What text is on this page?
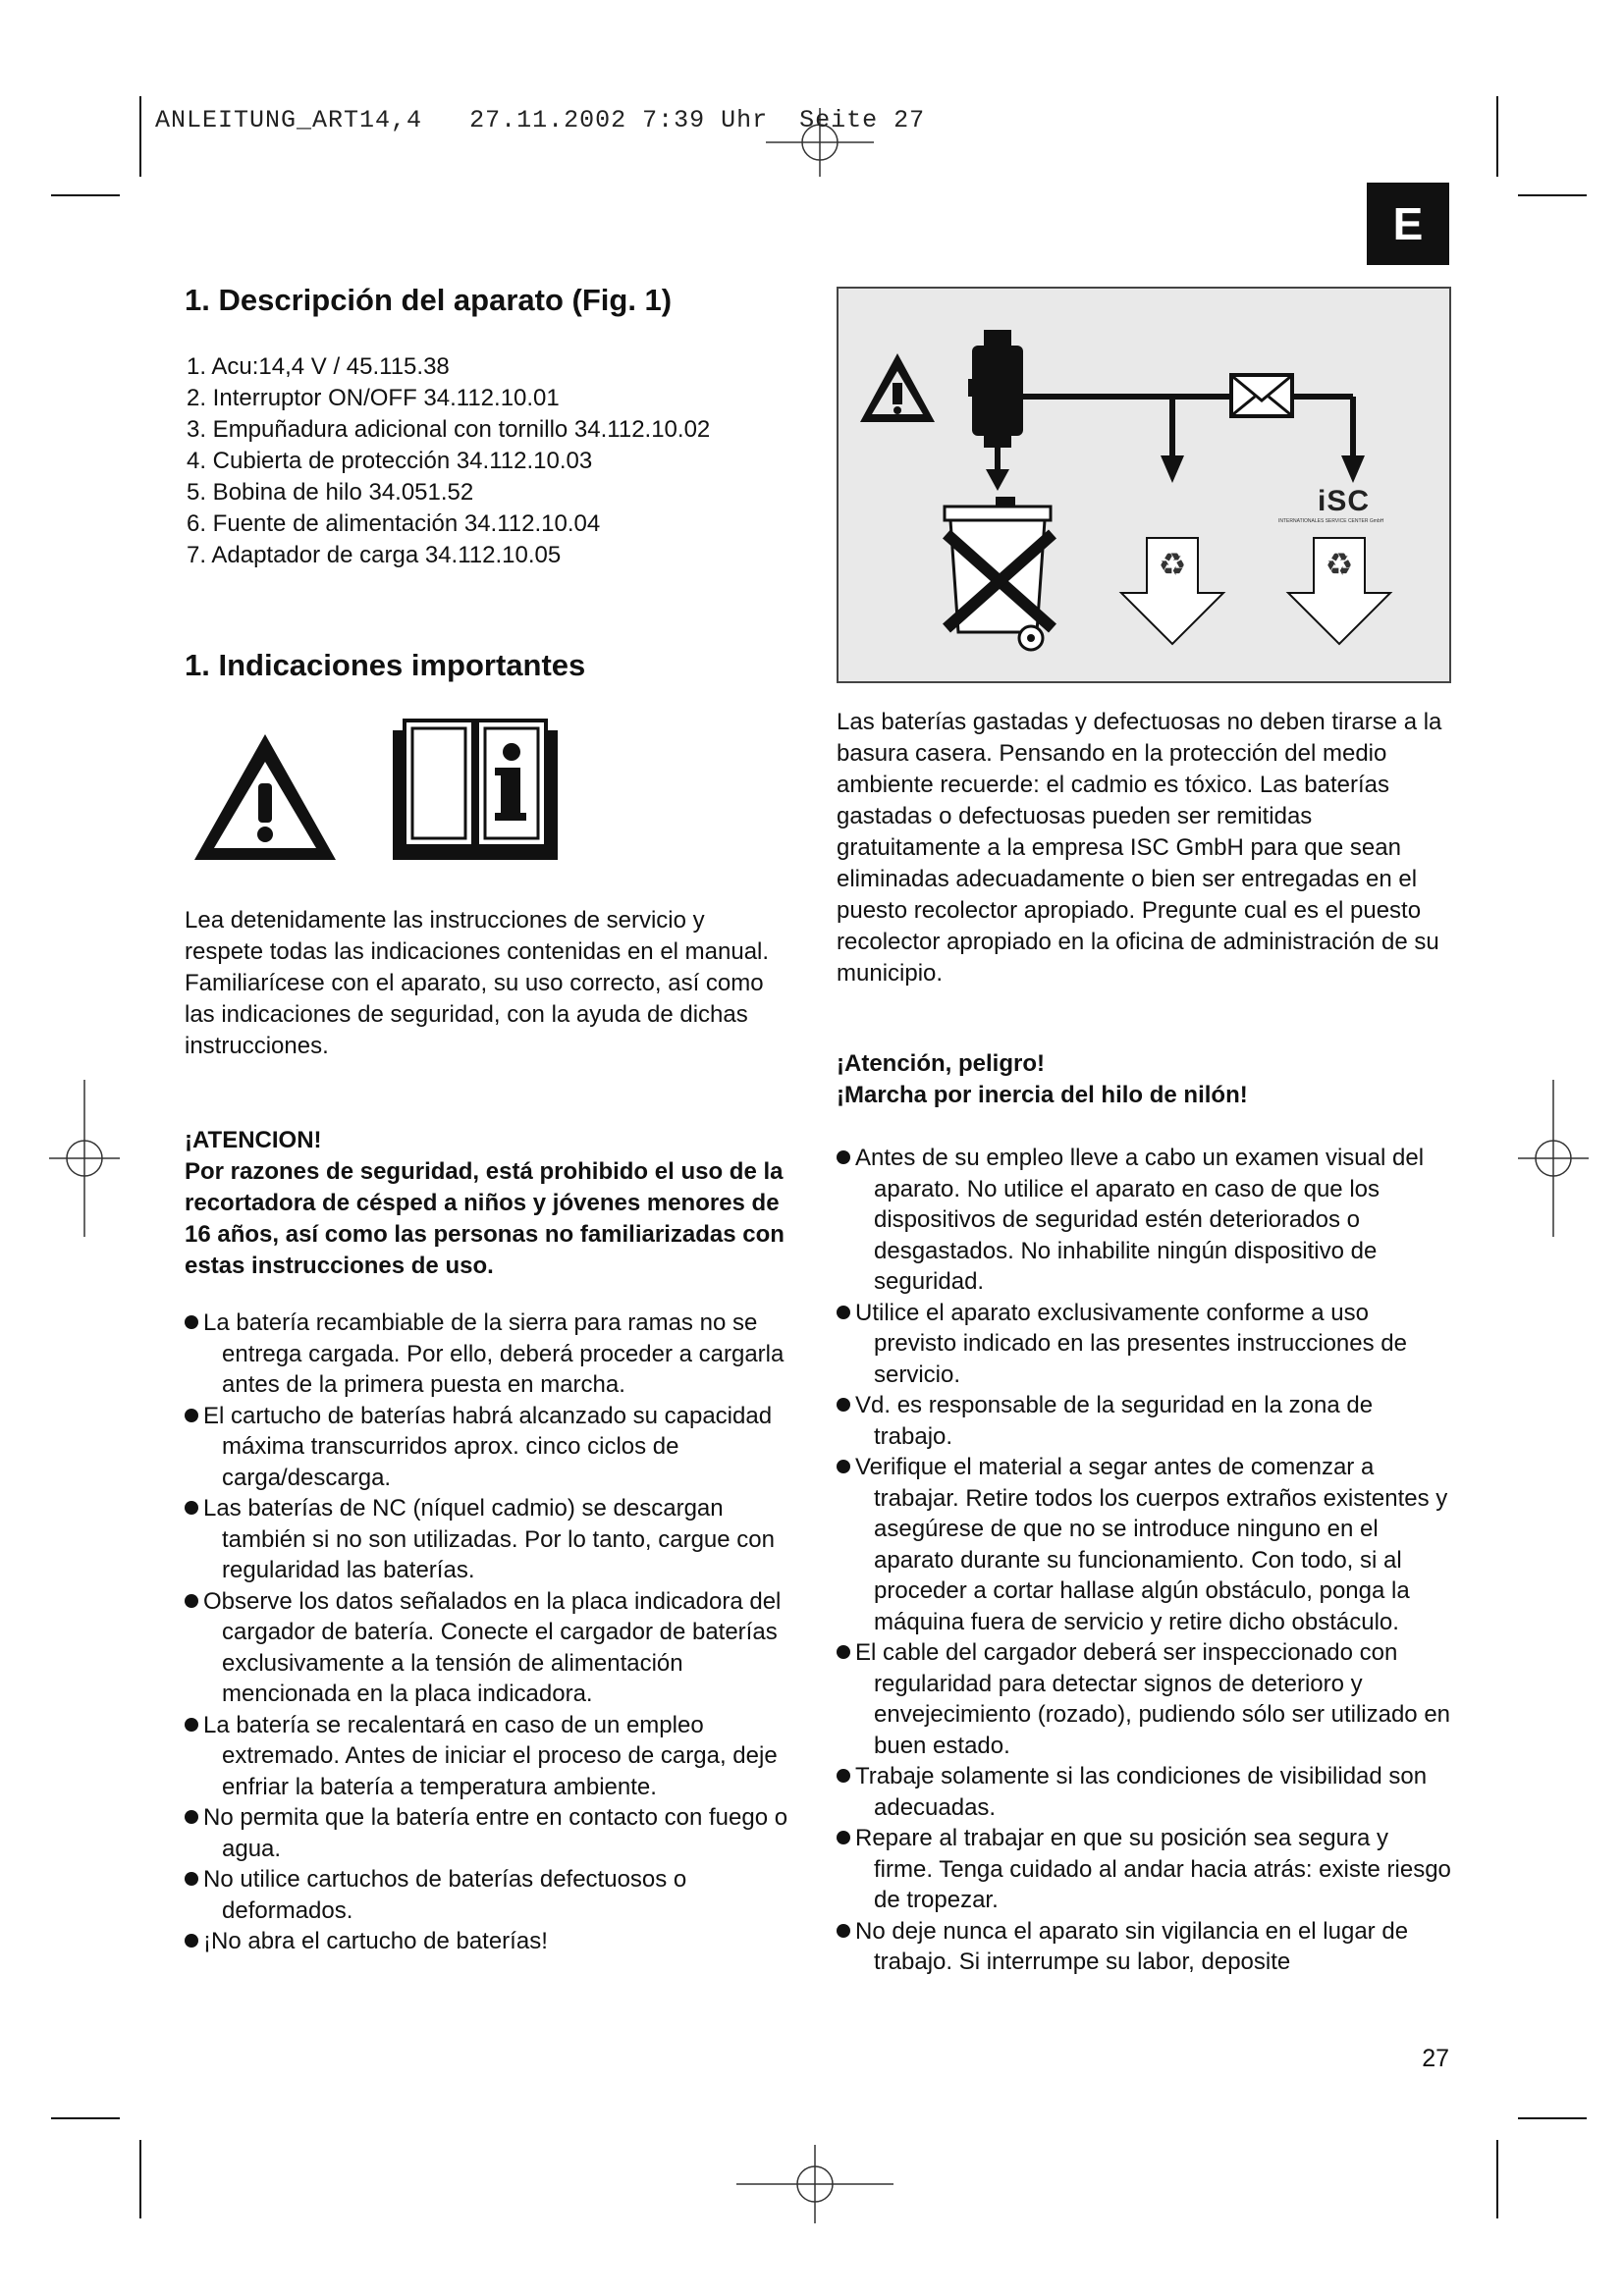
ANLEITUNG_ART14,4 27.11.2002 7:39 Uhr Seite 27
E
1. Descripción del aparato (Fig. 1)
1. Acu:14,4 V / 45.115.38
2. Interruptor ON/OFF 34.112.10.01
3. Empuñadura adicional con tornillo 34.112.10.02
4. Cubierta de protección 34.112.10.03
5. Bobina de hilo 34.051.52
6. Fuente de alimentación 34.112.10.04
7. Adaptador de carga 34.112.10.05
1. Indicaciones importantes
Lea detenidamente las instrucciones de servicio y respete todas las indicaciones contenidas en el manual. Familiarícese con el aparato, su uso correcto, así como las indicaciones de seguridad, con la ayuda de dichas instrucciones.
¡ATENCION!
Por razones de seguridad, está prohibido el uso de la recortadora de césped a niños y jóvenes menores de 16 años, así como las personas no familiarizadas con estas instrucciones de uso.
La batería recambiable de la sierra para ramas no se entrega cargada. Por ello, deberá proceder a cargarla antes de la primera puesta en marcha.
El cartucho de baterías habrá alcanzado su capacidad máxima transcurridos aprox. cinco ciclos de carga/descarga.
Las baterías de NC (níquel cadmio) se descargan también si no son utilizadas. Por lo tanto, cargue con regularidad las baterías.
Observe los datos señalados en la placa indicadora del cargador de batería. Conecte el cargador de baterías exclusivamente a la tensión de alimentación mencionada en la placa indicadora.
La batería se recalentará en caso de un empleo extremado. Antes de iniciar el proceso de carga, deje enfriar la batería a temperatura ambiente.
No permita que la batería entre en contacto con fuego o agua.
No utilice cartuchos de baterías defectuosos o deformados.
¡No abra el cartucho de baterías!
♻	♻
iSC
INTERNATIONALES SERVICE CENTER GmbH
Las baterías gastadas y defectuosas no deben tirarse a la basura casera. Pensando en la protección del medio ambiente recuerde: el cadmio es tóxico. Las baterías gastadas o defectuosas pueden ser remitidas gratuitamente a la empresa ISC GmbH para que sean eliminadas adecuadamente o bien ser entregadas en el puesto recolector apropiado. Pregunte cual es el puesto recolector apropiado en la oficina de administración de su municipio.
¡Atención, peligro!
¡Marcha por inercia del hilo de nilón!
Antes de su empleo lleve a cabo un examen visual del aparato. No utilice el aparato en caso de que los dispositivos de seguridad estén deteriorados o desgastados. No inhabilite ningún dispositivo de seguridad.
Utilice el aparato exclusivamente conforme a uso previsto indicado en las presentes instrucciones de servicio.
Vd. es responsable de la seguridad en la zona de trabajo.
Verifique el material a segar antes de comenzar a trabajar. Retire todos los cuerpos extraños existentes y asegúrese de que no se introduce ninguno en el aparato durante su funcionamiento. Con todo, si al proceder a cortar hallase algún obstáculo, ponga la máquina fuera de servicio y retire dicho obstáculo.
El cable del cargador deberá ser inspeccionado con regularidad para detectar signos de deterioro y envejecimiento (rozado), pudiendo sólo ser utilizado en buen estado.
Trabaje solamente si las condiciones de visibilidad son adecuadas.
Repare al trabajar en que su posición sea segura y firme. Tenga cuidado al andar hacia atrás: existe riesgo de tropezar.
No deje nunca el aparato sin vigilancia en el lugar de trabajo. Si interrumpe su labor, deposite
27
